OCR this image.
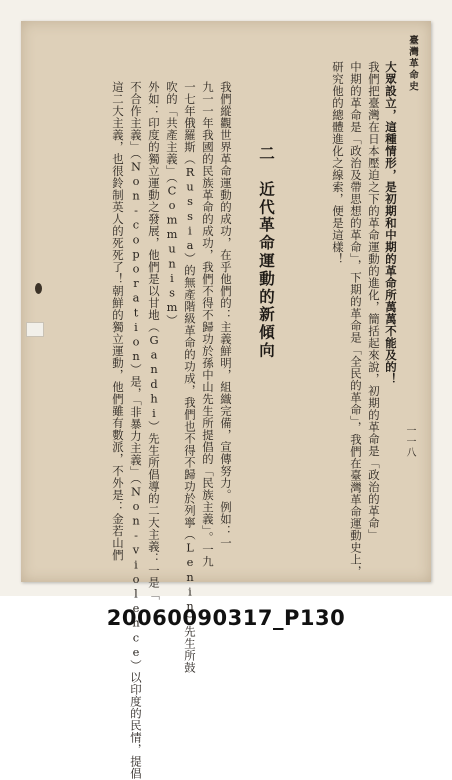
一一八
臺灣革命史
大眾設立，這種情形，是初期和中期的革命所萬萬不能及的！
我們把臺灣在日本壓迫之下的革命運動的進化，簡括起來說，初期的革命是「政治的革命」
中期的革命是「政治及帶思想的革命」，下期的革命是「全民的革命」，我們在臺灣革命運動史上，
研究他的總體進化之線索，便是這樣！
二　近代革命運動的新傾向
我們縱觀世界革命運動的成功，在乎他們的：主義鮮明，組織完備，宣傳努力。例如：一
九一一年我國的民族革命的成功，我們不得不歸功於孫中山先生所提倡的「民族主義」。一九
一七年俄羅斯（Russia）的無產階級革命的功成，我們也不得不歸功於列寧（Lenin）先生所鼓
吹的「共產主義」（Communism）
外如：印度的獨立運動之發展，他們是以甘地（Gandhi）先生所倡導的二大主義：一是「
不合作主義」（Non-coporation）是，「非暴力主義」（Non-violence）以印度的民情，提倡
這二大主義，也很鈴制英人的死死了！朝鮮的獨立運動，他們雖有數派，不外是：金若山們
20060090317_P130
